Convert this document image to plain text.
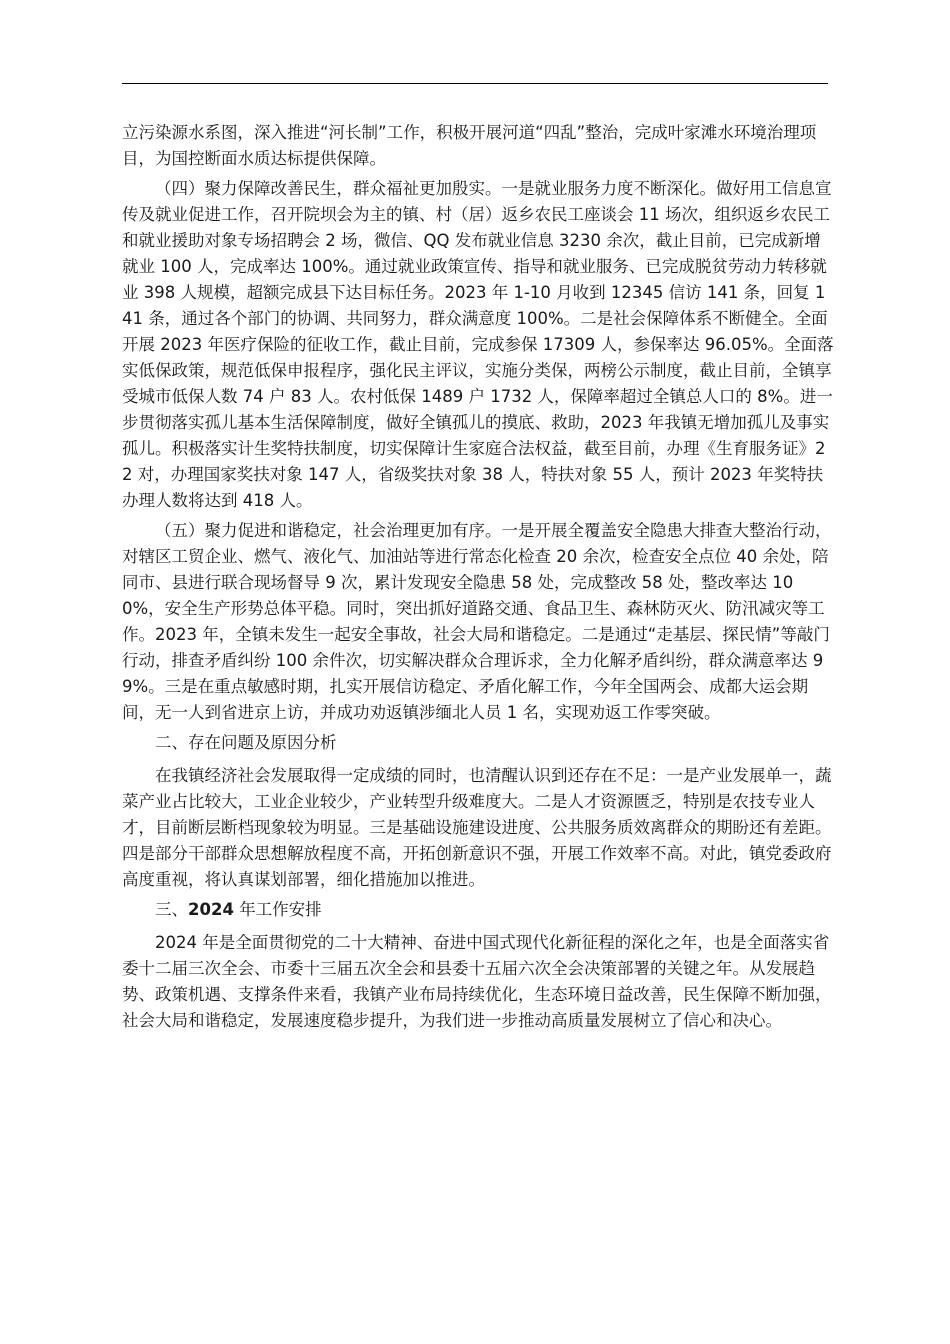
立污染源水系图，深入推进“河长制”工作，积极开展河道“四乱”整治，完成叶家滩水环境治理项目，为国控断面水质达标提供保障。

（四）聚力保障改善民生，群众福祉更加殷实。一是就业服务力度不断深化。做好用工信息宣传及就业促进工作，召开院坝会为主的镇、村（居）返乡农民工座谈会 11 场次，组织返乡农民工和就业援助对象专场招聘会 2 场，微信、QQ 发布就业信息 3230 余次，截止目前，已完成新增就业 100 人，完成率达 100%。通过就业政策宣传、指导和就业服务、已完成脱贫劳动力转移就业 398 人规模，超额完成县下达目标任务。2023 年 1-10 月收到 12345 信访 141 条，回复 141 条，通过各个部门的协调、共同努力，群众满意度 100%。二是社会保障体系不断健全。全面开展 2023 年医疗保险的征收工作，截止目前，完成参保 17309 人，参保率达 96.05%。全面落实低保政策，规范低保申报程序，强化民主评议，实施分类保，两榜公示制度，截止目前，全镇享受城市低保人数 74 户 83 人。农村低保 1489 户 1732 人，保障率超过全镇总人口的 8%。进一步贯彻落实孤儿基本生活保障制度，做好全镇孤儿的摸底、救助，2023 年我镇无增加孤儿及事实孤儿。积极落实计生奖特扶制度，切实保障计生家庭合法权益，截至目前，办理《生育服务证》22 对，办理国家奖扶对象 147 人，省级奖扶对象 38 人，特扶对象 55 人，预计 2023 年奖特扶办理人数将达到 418 人。

（五）聚力促进和谐稳定，社会治理更加有序。一是开展全覆盖安全隐患大排查大整治行动，对辖区工贸企业、燃气、液化气、加油站等进行常态化检查 20 余次，检查安全点位 40 余处，陪同市、县进行联合现场督导 9 次，累计发现安全隐患 58 处，完成整改 58 处，整改率达 100%，安全生产形势总体平稳。同时，突出抓好道路交通、食品卫生、森林防灭火、防汛减灾等工作。2023 年，全镇未发生一起安全事故，社会大局和谐稳定。二是通过“走基层、探民情”等敲门行动，排查矛盾纠纷 100 余件次，切实解决群众合理诉求，全力化解矛盾纠纷，群众满意率达 99%。三是在重点敏感时期，扎实开展信访稳定、矛盾化解工作，今年全国两会、成都大运会期间，无一人到省进京上访，并成功劝返镇涉缅北人员 1 名，实现劝返工作零突破。

二、存在问题及原因分析

在我镇经济社会发展取得一定成绩的同时，也清醒认识到还存在不足：一是产业发展单一，蔬菜产业占比较大，工业企业较少，产业转型升级难度大。二是人才资源匮乏，特别是农技专业人才，目前断层断档现象较为明显。三是基础设施建设进度、公共服务质效离群众的期盼还有差距。四是部分干部群众思想解放程度不高，开拓创新意识不强，开展工作效率不高。对此，镇党委政府高度重视，将认真谋划部署，细化措施加以推进。

三、2024 年工作安排

2024 年是全面贯彻党的二十大精神、奋进中国式现代化新征程的深化之年，也是全面落实省委十二届三次全会、市委十三届五次全会和县委十五届六次全会决策部署的关键之年。从发展趋势、政策机遇、支撑条件来看，我镇产业布局持续优化，生态环境日益改善，民生保障不断加强，社会大局和谐稳定，发展速度稳步提升，为我们进一步推动高质量发展树立了信心和决心。
